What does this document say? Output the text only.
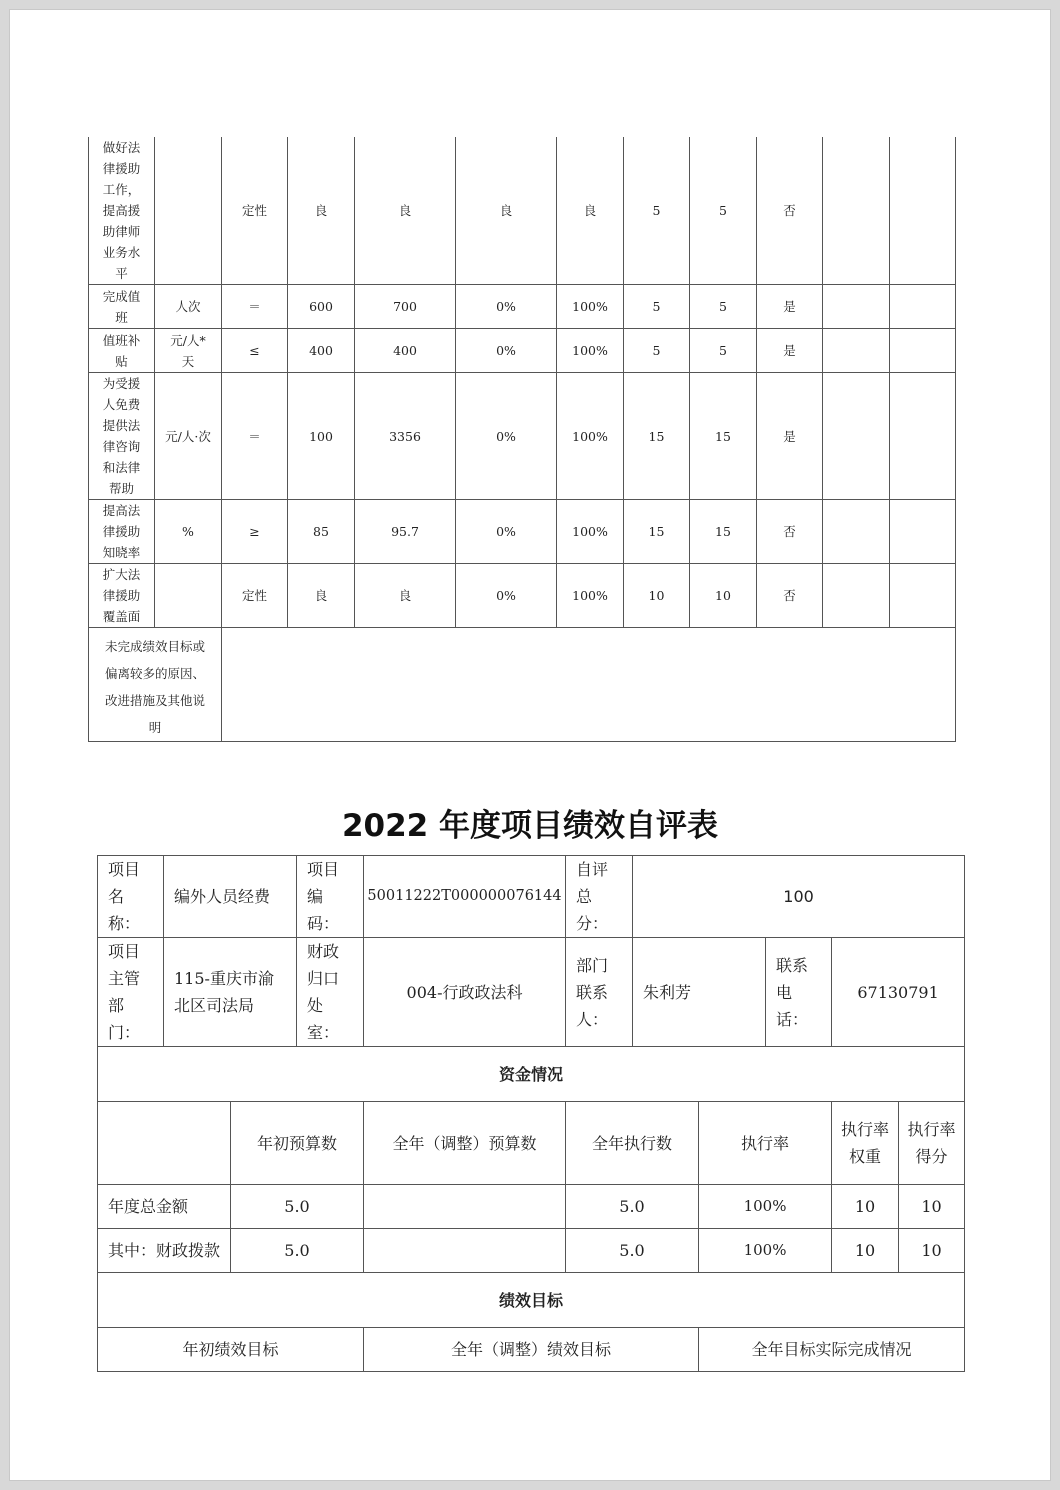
做好法律援助工作，提高援助律师业务水平		定性	良	良	良	良	5	5	否		
完成值班	人次	＝	600	700	0%	100%	5	5	是		
值班补贴	元/人*天	≤	400	400	0%	100%	5	5	是		
为受援人免费提供法律咨询和法律帮助	元/人·次	＝	100	3356	0%	100%	15	15	是		
提高法律援助知晓率	%	≥	85	95.7	0%	100%	15	15	否		
扩大法律援助覆盖面		定性	良	良	0%	100%	10	10	否		
未完成绩效目标或偏离较多的原因、改进措施及其他说明											
2022 年度项目绩效自评表
项目名称：	编外人员经费		项目编码：	50011222T000000076144	自评总分：	100				
项目主管部门：	115-重庆市渝北区司法局		财政归口处室：	004-行政政法科	部门联系人：	朱利芳		联系电话：	67130791	
资金情况										
		年初预算数		全年（调整）预算数	全年执行数		执行率		执行率权重	执行率得分
年度总金额		5.0			5.0		100%		10	10
其中：财政拨款		5.0			5.0		100%		10	10
绩效目标										
年初绩效目标				全年（调整）绩效目标			全年目标实际完成情况			
